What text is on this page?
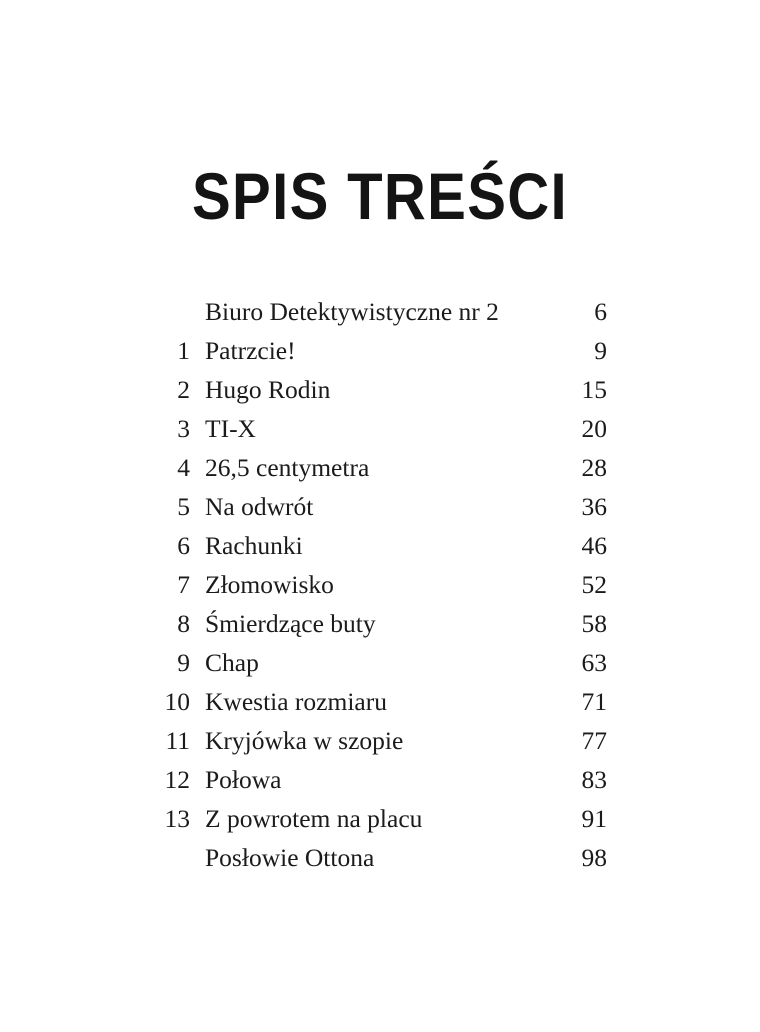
SPIS TREŚCI
Biuro Detektywistyczne nr 2	6
1 Patrzcie!	9
2 Hugo Rodin	15
3 TI-X	20
4 26,5 centymetra	28
5 Na odwrót	36
6 Rachunki	46
7 Złomowisko	52
8 Śmierdzące buty	58
9 Chap	63
10 Kwestia rozmiaru	71
11 Kryjówka w szopie	77
12 Połowa	83
13 Z powrotem na placu	91
Posłowie Ottona	98
